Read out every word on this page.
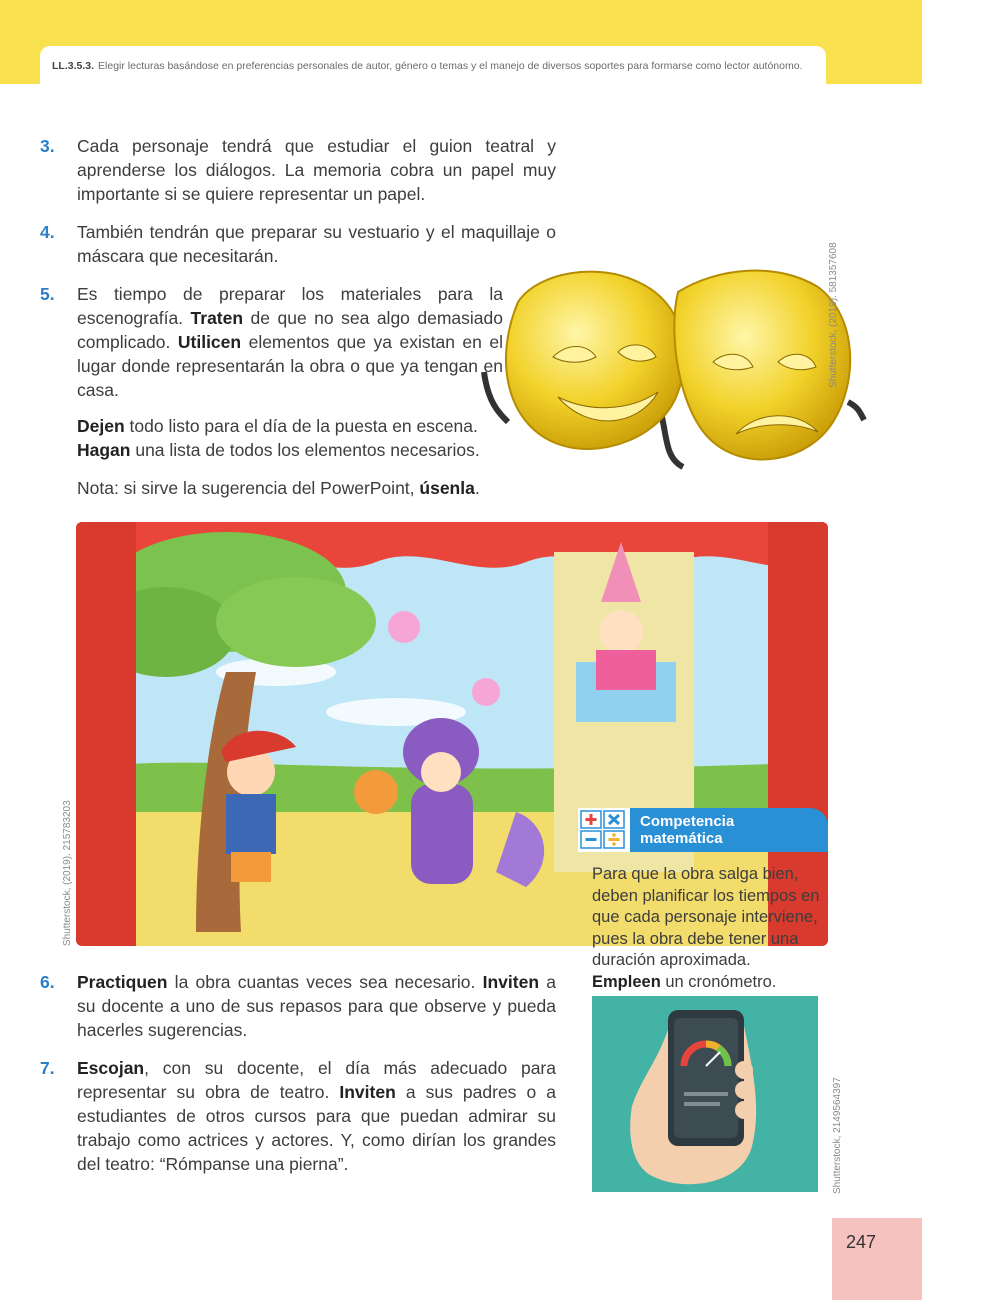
LL.3.5.3. Elegir lecturas basándose en preferencias personales de autor, género o temas y el manejo de diversos soportes para formarse como lector autónomo.
3. Cada personaje tendrá que estudiar el guion teatral y aprenderse los diálogos. La memoria cobra un papel muy importante si se quiere representar un papel.
4. También tendrán que preparar su vestuario y el maquillaje o máscara que necesitarán.
5. Es tiempo de preparar los materiales para la escenografía. Traten de que no sea algo demasiado complicado. Utilicen elementos que ya existan en el lugar donde representarán la obra o que ya tengan en casa.
Dejen todo listo para el día de la puesta en escena.
Hagan una lista de todos los elementos necesarios.
Nota: si sirve la sugerencia del PowerPoint, úsenla.
Shutterstock, (2019). 581357608
Shutterstock, (2019). 215783203
6. Practiquen la obra cuantas veces sea necesario. Inviten a su docente a uno de sus repasos para que observe y pueda hacerles sugerencias.
7. Escojan, con su docente, el día más adecuado para representar su obra de teatro. Inviten a sus padres o a estudiantes de otros cursos para que puedan admirar su trabajo como actrices y actores. Y, como dirían los grandes del teatro: “Rómpanse una pierna”.
Competencia
matemática
Para que la obra salga bien, deben planificar los tiempos en que cada personaje interviene, pues la obra debe tener una duración aproximada. Empleen un cronómetro.
Shutterstock, 2149564397
247
